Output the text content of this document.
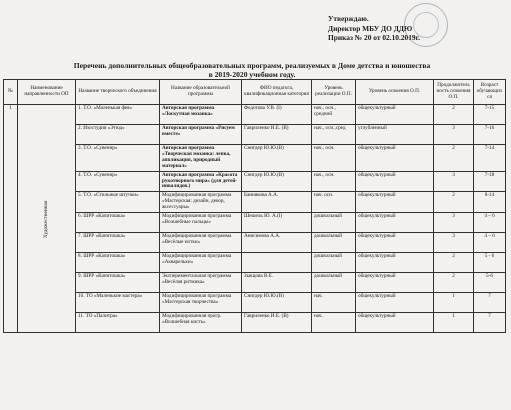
Утверждаю.
Директор МБУ ДО ДДЮ
Приказ № 20 от 02.10.2019г.
Перечень дополнительных общеобразовательных программ, реализуемых в Доме детства и юношества
в 2019-2020 учебном году.
№	Наименование направленности ОП	Название творческого объединения	Название образовательной программы	ФИО педагога, квалификационная категория	Уровень реализации О.П.	Уровень освоения О.П.	Продолжительность освоения О.П.	Возраст обучающихся
1	Художественная	1. Т.О. «Маленькая фея»	Авторская программа «Лоскутная мозаика»	Федотова У.В. (I)	нач., осн., средний	общекультурный	2	7-15
		2. Изостудия «Этюд»	Авторская программа «Рисуем вместе»	Гавриленко И.Е. (В)	нач., осн.,сред	углубленный	3	7-16
		3. Т.О. «Сувенир»	Авторская программа «Творческая мозаика: лепка, аппликация, природный материал»	Снигдер Ю.Ю.(В)	нач., осн.	общекультурный	2	7-14
		4. Т.О. «Сувенир»	Авторская программа «Красота рукотворного мира» (для детей-инвалидов.)	Снигдер Ю.Ю.(В)	нач., осн.	общекультурный	3	7-18
		5. Т.О. «Стильные штучки»	Модифицированная программа «Мастерская: дизайн, декор, аксессуары»	Баннякова А.А.	нач. осн.	общекультурный	2	8-14
		6. ШРР «Капитошка»	Модифицированная программа «Волшебные пальцы»	Шешель Ю. А.(I)	дошкольный	общекультурный	3	4 – 6
		7. ШРР «Капитошка»	Модифицированная программа «Весёлые нотки»	Анисимова А.А.	дошкольный	общекультурный	3	4 – 6
		8. ШРР «Капитошка»	Модифицированная программа «Акварельки»		дошкольный	общекультурный	2	5 - 6
		9. ШРР «Капитошка»	Экспериментальная программа «Весёлая ритмика»	Зыкцова В.Е.	дошкольный	общекультурный	2	5-6
		10. ТО «Маленькие мастера»	Модифицированная программа «Мастерская творчества»	Снигдер Ю.Ю.(В)	нач.	общекультурный	1	7
		11. ТО «Палитра»	Модифицированная прогр. «Волшебная кисть»	Гавриленко И.Е. (В)	нач.	общекультурный	1	7
